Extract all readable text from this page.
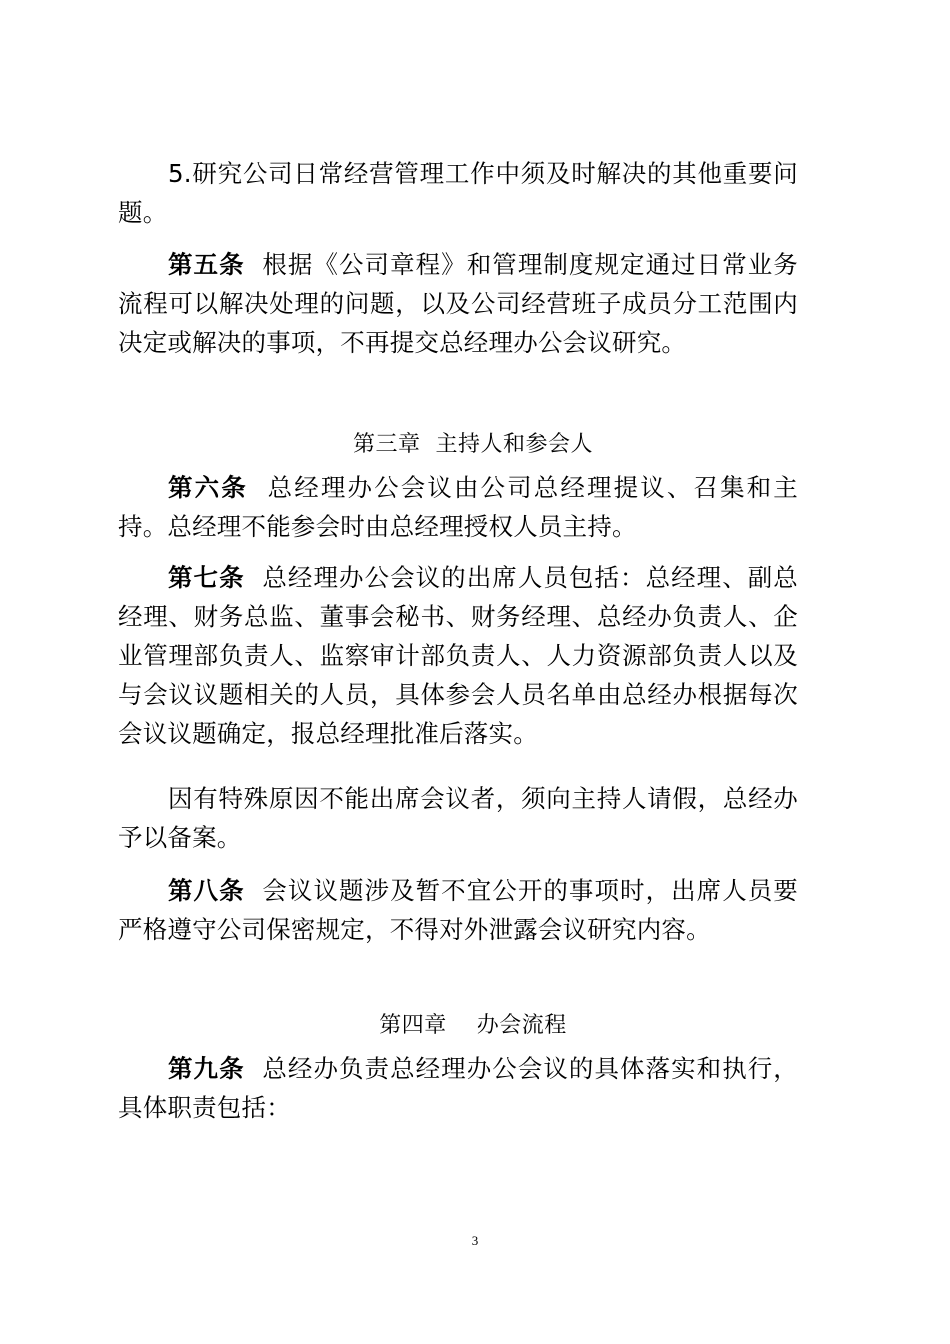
5.研究公司日常经营管理工作中须及时解决的其他重要问题。

第五条 根据《公司章程》和管理制度规定通过日常业务流程可以解决处理的问题，以及公司经营班子成员分工范围内决定或解决的事项，不再提交总经理办公会议研究。

第三章  主持人和参会人

第六条 总经理办公会议由公司总经理提议、召集和主持。总经理不能参会时由总经理授权人员主持。

第七条 总经理办公会议的出席人员包括：总经理、副总经理、财务总监、董事会秘书、财务经理、总经办负责人、企业管理部负责人、监察审计部负责人、人力资源部负责人以及与会议议题相关的人员，具体参会人员名单由总经办根据每次会议议题确定，报总经理批准后落实。

因有特殊原因不能出席会议者，须向主持人请假，总经办予以备案。

第八条 会议议题涉及暂不宜公开的事项时，出席人员要严格遵守公司保密规定，不得对外泄露会议研究内容。

第四章    办会流程

第九条 总经办负责总经理办公会议的具体落实和执行，具体职责包括：

3
